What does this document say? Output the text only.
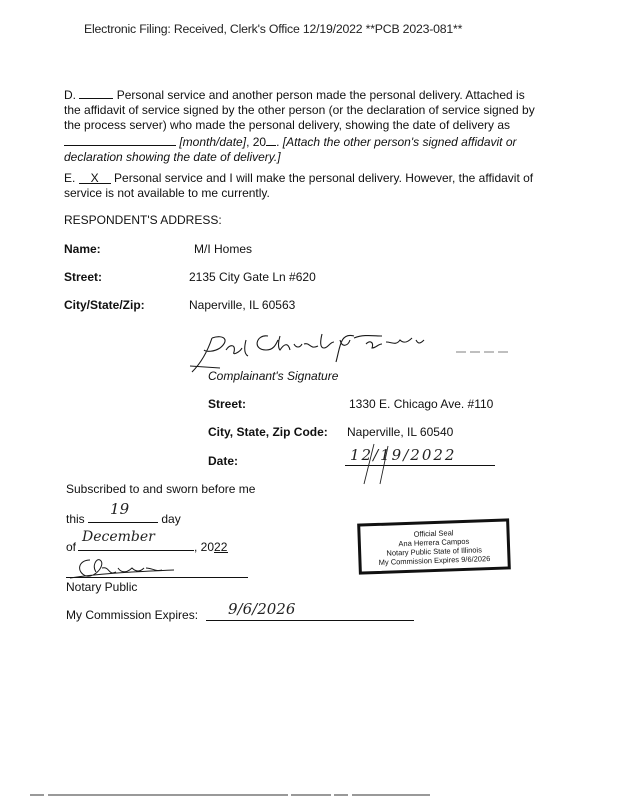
Electronic Filing: Received, Clerk's Office 12/19/2022 **PCB 2023-081**
D.	Personal service and another person made the personal delivery. Attached is the affidavit of service signed by the other person (or the declaration of service signed by the process server) who made the personal delivery, showing the date of delivery as  [month/date], 20 . [Attach the other person's signed affidavit or declaration showing the date of delivery.]
E. X Personal service and I will make the personal delivery. However, the affidavit of service is not available to me currently.
RESPONDENT'S ADDRESS:
Name:	M/I Homes
Street:	2135 City Gate Ln #620
City/State/Zip:	Naperville, IL 60563
Complainant's Signature
Street:	1330 E. Chicago Ave. #110
City, State, Zip Code: Naperville, IL 60540
Date:	12/19/2022
Subscribed to and sworn before me
this
19
day
of
December
, 2022
Notary Public
My Commission Expires: 9/6/2026
Official Seal
Ana Herrera Campos
Notary Public State of Illinois
My Commission Expires 9/6/2026
